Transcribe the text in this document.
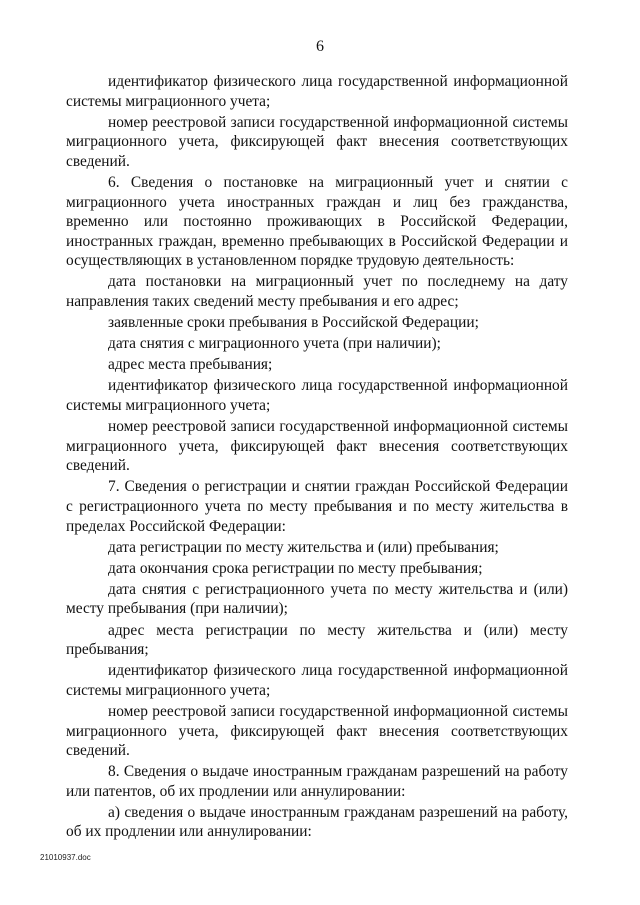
6

идентификатор физического лица государственной информационной системы миграционного учета;

номер реестровой записи государственной информационной системы миграционного учета, фиксирующей факт внесения соответствующих сведений.

6. Сведения о постановке на миграционный учет и снятии с миграционного учета иностранных граждан и лиц без гражданства, временно или постоянно проживающих в Российской Федерации, иностранных граждан, временно пребывающих в Российской Федерации и осуществляющих в установленном порядке трудовую деятельность:

дата постановки на миграционный учет по последнему на дату направления таких сведений месту пребывания и его адрес;

заявленные сроки пребывания в Российской Федерации;

дата снятия с миграционного учета (при наличии);

адрес места пребывания;

идентификатор физического лица государственной информационной системы миграционного учета;

номер реестровой записи государственной информационной системы миграционного учета, фиксирующей факт внесения соответствующих сведений.

7. Сведения о регистрации и снятии граждан Российской Федерации с регистрационного учета по месту пребывания и по месту жительства в пределах Российской Федерации:

дата регистрации по месту жительства и (или) пребывания;

дата окончания срока регистрации по месту пребывания;

дата снятия с регистрационного учета по месту жительства и (или) месту пребывания (при наличии);

адрес места регистрации по месту жительства и (или) месту пребывания;

идентификатор физического лица государственной информационной системы миграционного учета;

номер реестровой записи государственной информационной системы миграционного учета, фиксирующей факт внесения соответствующих сведений.

8. Сведения о выдаче иностранным гражданам разрешений на работу или патентов, об их продлении или аннулировании:

а) сведения о выдаче иностранным гражданам разрешений на работу, об их продлении или аннулировании:

21010937.doc
